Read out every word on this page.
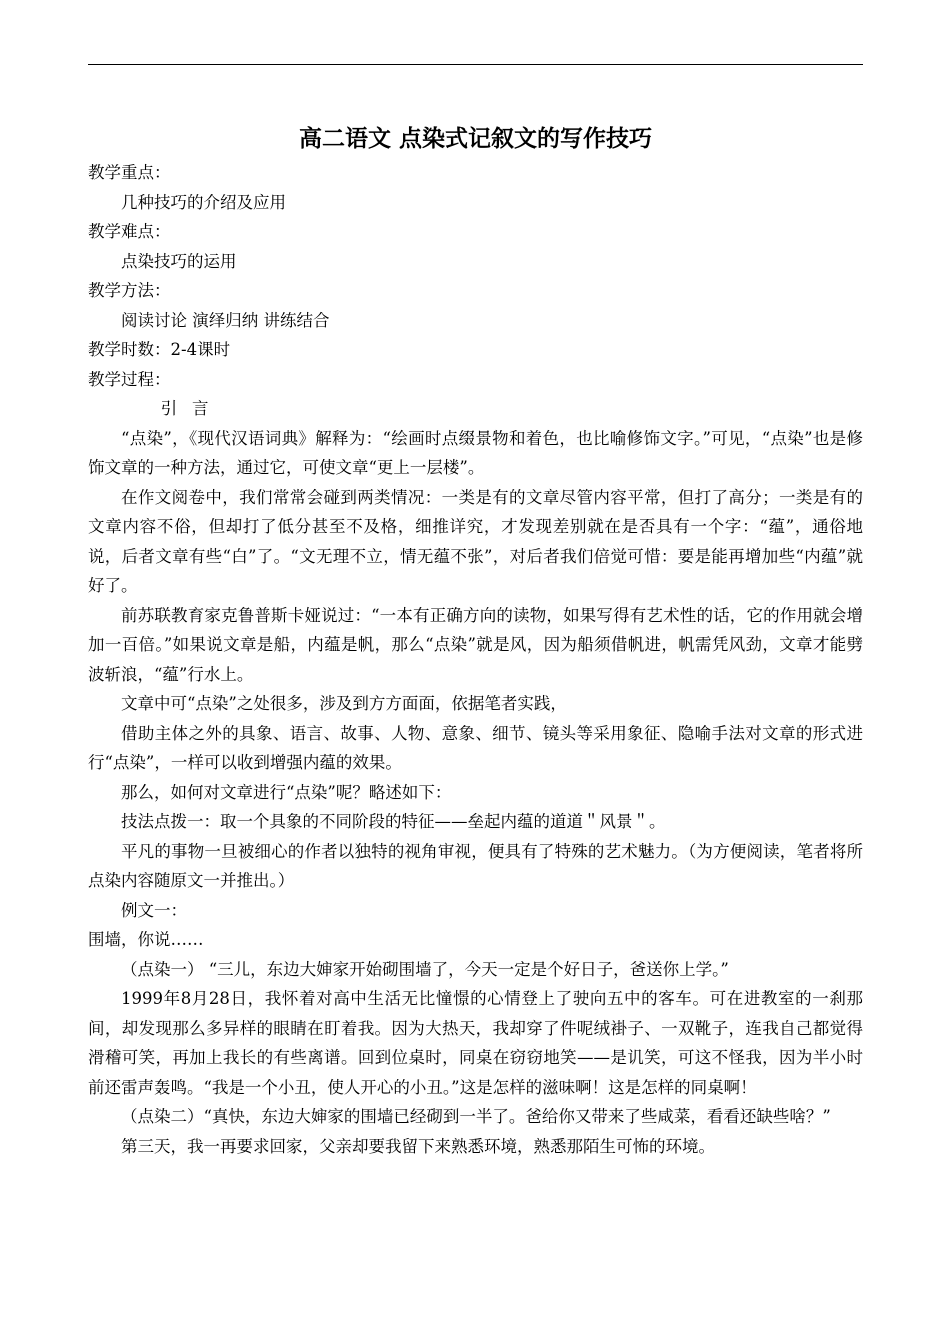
高二语文 点染式记叙文的写作技巧

教学重点：

几种技巧的介绍及应用

教学难点：

点染技巧的运用

教学方法：

阅读讨论 演绎归纳 讲练结合

教学时数：2-4课时

教学过程：

引言

“点染”，《现代汉语词典》解释为：“绘画时点缀景物和着色，也比喻修饰文字。”可见，“点染”也是修饰文章的一种方法，通过它，可使文章“更上一层楼”。

在作文阅卷中，我们常常会碰到两类情况：一类是有的文章尽管内容平常，但打了高分；一类是有的文章内容不俗，但却打了低分甚至不及格，细推详究，才发现差别就在是否具有一个字：“蕴”，通俗地说，后者文章有些“白”了。“文无理不立，情无蕴不张”，对后者我们倍觉可惜：要是能再增加些“内蕴”就好了。

前苏联教育家克鲁普斯卡娅说过：“一本有正确方向的读物，如果写得有艺术性的话，它的作用就会增加一百倍。”如果说文章是船，内蕴是帆，那么“点染”就是风，因为船须借帆进，帆需凭风劲，文章才能劈波斩浪，“蕴”行水上。

文章中可“点染”之处很多，涉及到方方面面，依据笔者实践，

借助主体之外的具象、语言、故事、人物、意象、细节、镜头等采用象征、隐喻手法对文章的形式进行“点染”，一样可以收到增强内蕴的效果。

那么，如何对文章进行“点染”呢？略述如下：

技法点拨一：取一个具象的不同阶段的特征——垒起内蕴的道道＂风景＂。

平凡的事物一旦被细心的作者以独特的视角审视，便具有了特殊的艺术魅力。（为方便阅读，笔者将所点染内容随原文一并推出。）

例文一：

围墙，你说……

（点染一） “三儿，东边大婶家开始砌围墙了，今天一定是个好日子，爸送你上学。”

1999年8月28日，我怀着对高中生活无比憧憬的心情登上了驶向五中的客车。可在进教室的一刹那间，却发现那么多异样的眼睛在盯着我。因为大热天，我却穿了件呢绒褂子、一双靴子，连我自己都觉得滑稽可笑，再加上我长的有些离谱。回到位桌时，同桌在窃窃地笑——是讥笑，可这不怪我，因为半小时前还雷声轰鸣。“我是一个小丑，使人开心的小丑。”这是怎样的滋味啊！这是怎样的同桌啊！

（点染二）“真快，东边大婶家的围墙已经砌到一半了。爸给你又带来了些咸菜，看看还缺些啥？”

第三天，我一再要求回家，父亲却要我留下来熟悉环境，熟悉那陌生可怖的环境。
